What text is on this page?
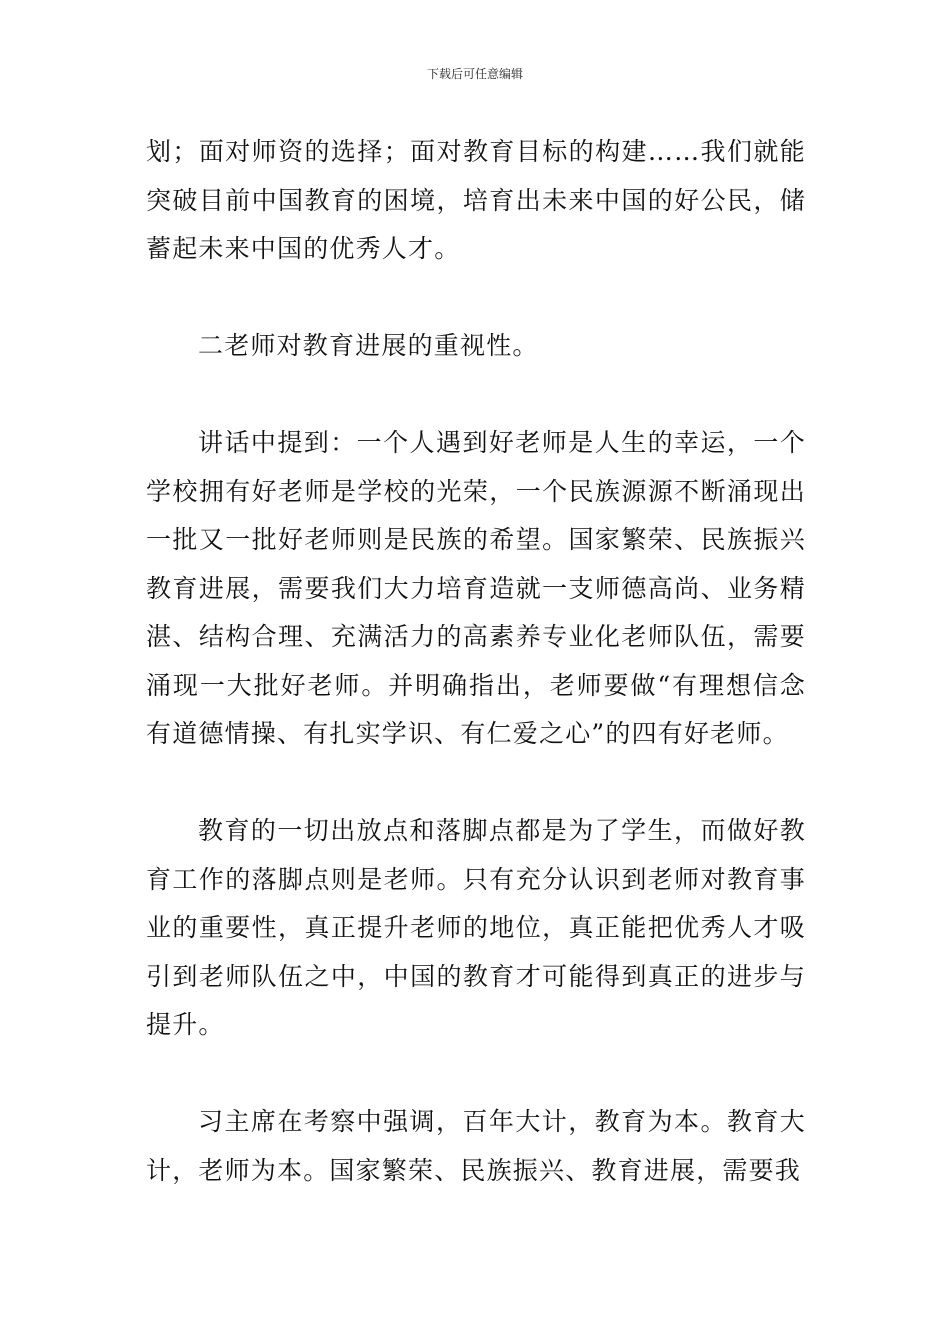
下载后可任意编辑

划；面对师资的选择；面对教育目标的构建……我们就能突破目前中国教育的困境，培育出未来中国的好公民，储蓄起未来中国的优秀人才。

二老师对教育进展的重视性。

讲话中提到：一个人遇到好老师是人生的幸运，一个学校拥有好老师是学校的光荣，一个民族源源不断涌现出一批又一批好老师则是民族的希望。国家繁荣、民族振兴教育进展，需要我们大力培育造就一支师德高尚、业务精湛、结构合理、充满活力的高素养专业化老师队伍，需要涌现一大批好老师。并明确指出，老师要做“有理想信念有道德情操、有扎实学识、有仁爱之心”的四有好老师。

教育的一切出放点和落脚点都是为了学生，而做好教育工作的落脚点则是老师。只有充分认识到老师对教育事业的重要性，真正提升老师的地位，真正能把优秀人才吸引到老师队伍之中，中国的教育才可能得到真正的进步与提升。

习主席在考察中强调，百年大计，教育为本。教育大计，老师为本。国家繁荣、民族振兴、教育进展，需要我
